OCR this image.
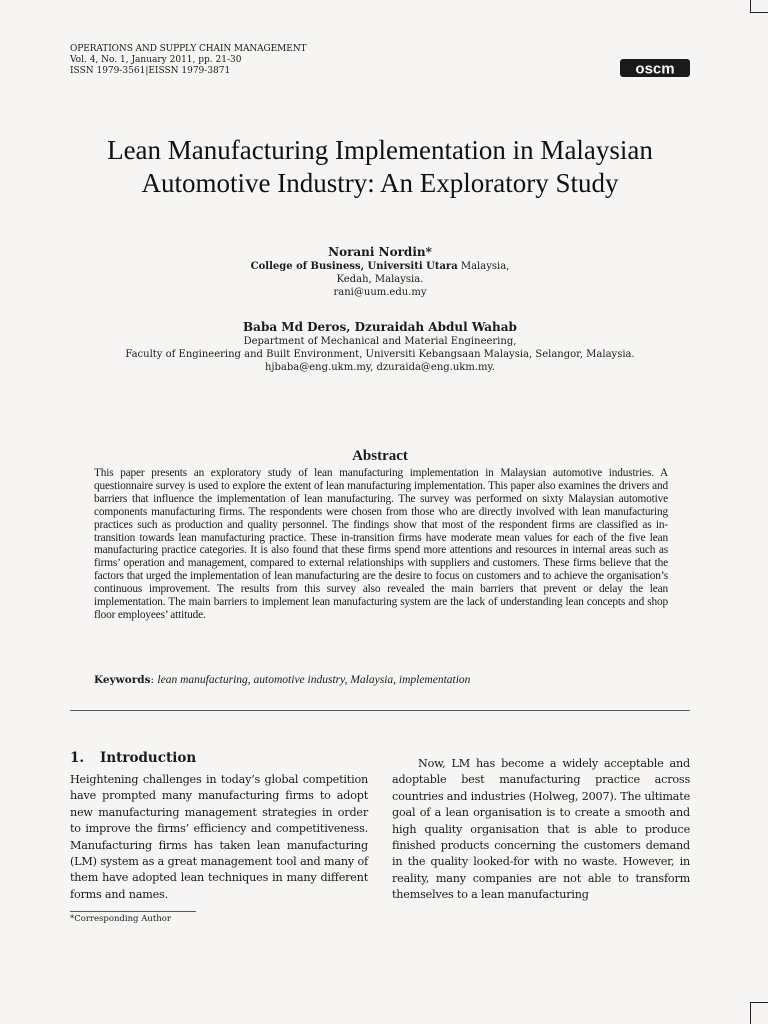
OPERATIONS AND SUPPLY CHAIN MANAGEMENT
Vol. 4, No. 1, January 2011, pp. 21-30
ISSN 1979-3561|EISSN 1979-3871	oscm
Lean Manufacturing Implementation in Malaysian
Automotive Industry: An Exploratory Study
Norani Nordin*
College of Business, Universiti Utara Malaysia,
Kedah, Malaysia.
rani@uum.edu.my
Baba Md Deros, Dzuraidah Abdul Wahab
Department of Mechanical and Material Engineering,
Faculty of Engineering and Built Environment, Universiti Kebangsaan Malaysia, Selangor, Malaysia.
hjbaba@eng.ukm.my, dzuraida@eng.ukm.my.
Abstract
This paper presents an exploratory study of lean manufacturing implementation in Malaysian automotive industries. A questionnaire survey is used to explore the extent of lean manufacturing implementation. This paper also examines the drivers and barriers that influence the implementation of lean manufacturing. The survey was performed on sixty Malaysian automotive components manufacturing firms. The respondents were chosen from those who are directly involved with lean manufacturing practices such as production and quality personnel. The findings show that most of the respondent firms are classified as in-transition towards lean manufacturing practice. These in-transition firms have moderate mean values for each of the five lean manufacturing practice categories. It is also found that these firms spend more attentions and resources in internal areas such as firms’ operation and management, compared to external relationships with suppliers and customers. These firms believe that the factors that urged the implementation of lean manufacturing are the desire to focus on customers and to achieve the organisation’s continuous improvement. The results from this survey also revealed the main barriers that prevent or delay the lean implementation. The main barriers to implement lean manufacturing system are the lack of understanding lean concepts and shop floor employees’ attitude.
Keywords: lean manufacturing, automotive industry, Malaysia, implementation
1. Introduction
Heightening challenges in today’s global competition have prompted many manufacturing firms to adopt new manufacturing management strategies in order to improve the firms’ efficiency and competitiveness. Manufacturing firms has taken lean manufacturing (LM) system as a great management tool and many of them have adopted lean techniques in many different forms and names.
Now, LM has become a widely acceptable and adoptable best manufacturing practice across countries and industries (Holweg, 2007). The ultimate goal of a lean organisation is to create a smooth and high quality organisation that is able to produce finished products concerning the customers demand in the quality looked-for with no waste. However, in reality, many companies are not able to transform themselves to a lean manufacturing
*Corresponding Author
